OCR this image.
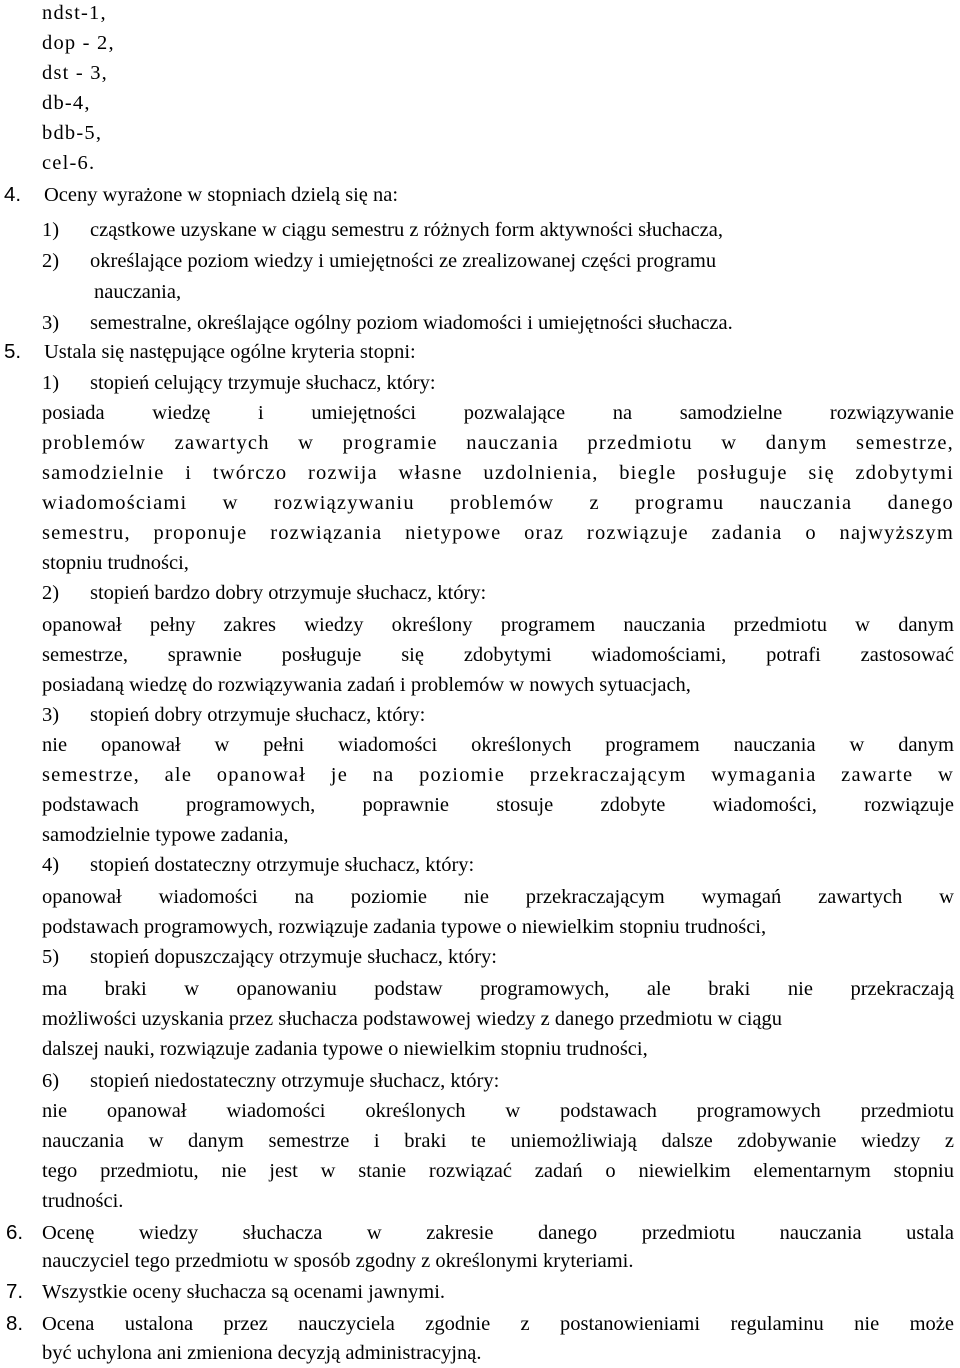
ndst-1,
dop - 2,
dst - 3,
db-4,
bdb-5,
cel-6.
4. Oceny wyrażone w stopniach dzielą się na:
1) cząstkowe uzyskane w ciągu semestru z różnych form aktywności słuchacza,
2) określające poziom wiedzy i umiejętności ze zrealizowanej części programu
nauczania,
3) semestralne, określające ogólny poziom wiadomości i umiejętności słuchacza.
5. Ustala się następujące ogólne kryteria stopni:
1) stopień celujący trzymuje słuchacz, który:
posiada wiedzę i umiejętności pozwalające na samodzielne rozwiązywanie
problemów zawartych w programie nauczania przedmiotu w danym semestrze,
samodzielnie i twórczo rozwija własne uzdolnienia, biegle posługuje się zdobytymi
wiadomościami w rozwiązywaniu problemów z programu nauczania danego
semestru, proponuje rozwiązania nietypowe oraz rozwiązuje zadania o najwyższym
stopniu trudności,
2) stopień bardzo dobry otrzymuje słuchacz, który:
opanował pełny zakres wiedzy określony programem nauczania przedmiotu w danym
semestrze, sprawnie posługuje się zdobytymi wiadomościami, potrafi zastosować
posiadaną wiedzę do rozwiązywania zadań i problemów w nowych sytuacjach,
3) stopień dobry otrzymuje słuchacz, który:
nie opanował w pełni wiadomości określonych programem nauczania w danym
semestrze, ale opanował je na poziomie przekraczającym wymagania zawarte w
podstawach programowych, poprawnie stosuje zdobyte wiadomości, rozwiązuje
samodzielnie typowe zadania,
4) stopień dostateczny otrzymuje słuchacz, który:
opanował wiadomości na poziomie nie przekraczającym wymagań zawartych w
podstawach programowych, rozwiązuje zadania typowe o niewielkim stopniu trudności,
5) stopień dopuszczający otrzymuje słuchacz, który:
ma braki w opanowaniu podstaw programowych, ale braki nie przekraczają
możliwości uzyskania przez słuchacza podstawowej wiedzy z danego przedmiotu w ciągu
dalszej nauki, rozwiązuje zadania typowe o niewielkim stopniu trudności,
6) stopień niedostateczny otrzymuje słuchacz, który:
nie opanował wiadomości określonych w podstawach programowych przedmiotu
nauczania w danym semestrze i braki te uniemożliwiają dalsze zdobywanie wiedzy z
tego przedmiotu, nie jest w stanie rozwiązać zadań o niewielkim elementarnym stopniu
trudności.
6. Ocenę wiedzy słuchacza w zakresie danego przedmiotu nauczania ustala
nauczyciel tego przedmiotu w sposób zgodny z określonymi kryteriami.
7. Wszystkie oceny słuchacza są ocenami jawnymi.
8. Ocena ustalona przez nauczyciela zgodnie z postanowieniami regulaminu nie może
być uchylona ani zmieniona decyzją administracyjną.
